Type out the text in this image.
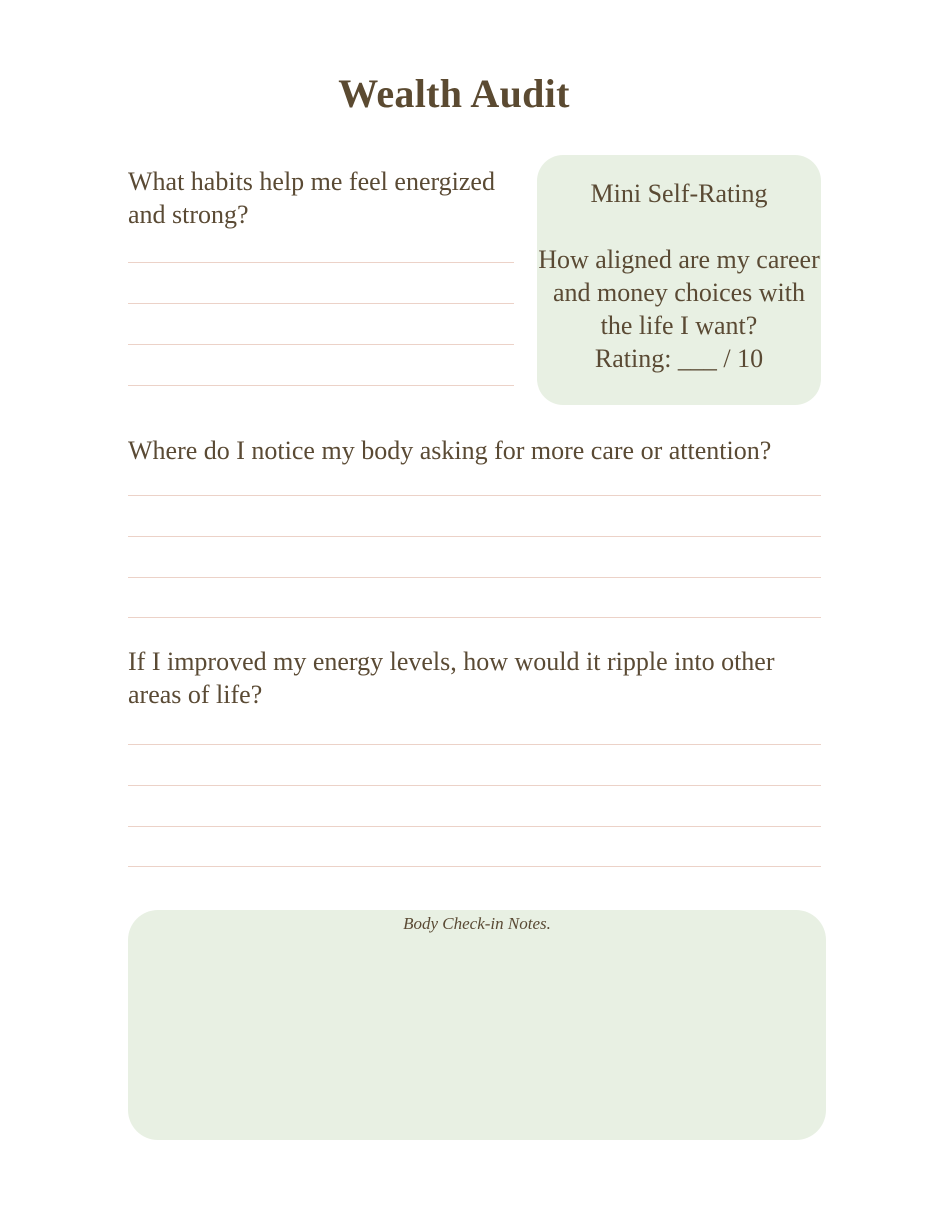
Wealth Audit
What habits help me feel energized and strong?
Mini Self-Rating
How aligned are my career and money choices with the life I want?
Rating: ___ / 10
Where do I notice my body asking for more care or attention?
If I improved my energy levels, how would it ripple into other areas of life?
Body Check-in Notes.
